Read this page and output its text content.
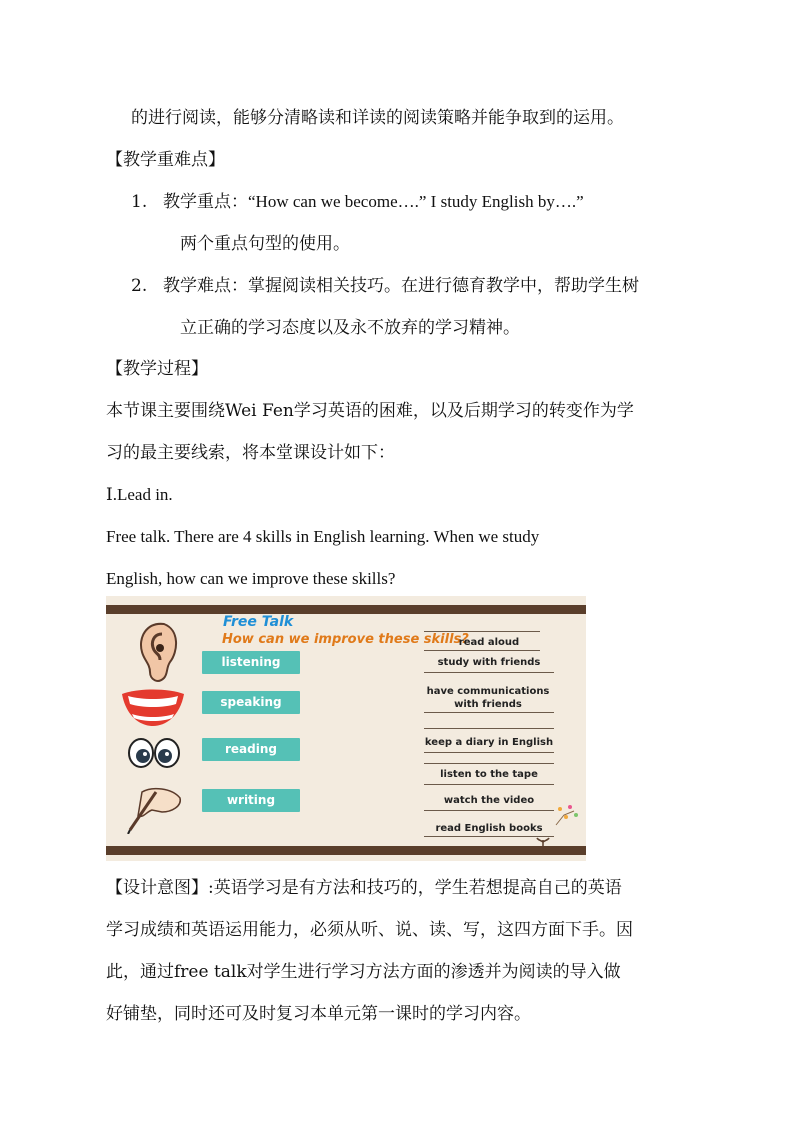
的进行阅读，能够分清略读和详读的阅读策略并能争取到的运用。
【教学重难点】
1. 教学重点：“How can we become….” I study English by….”
两个重点句型的使用。
2. 教学难点：掌握阅读相关技巧。在进行德育教学中，帮助学生树
立正确的学习态度以及永不放弃的学习精神。
【教学过程】
本节课主要围绕Wei Fen学习英语的困难，以及后期学习的转变作为学
习的最主要线索，将本堂课设计如下：
Ⅰ.Lead in.
Free talk. There are 4 skills in English learning. When we study
English, how can we improve these skills?
Free Talk
How can we improve these skills?
listening
speaking
reading
writing
read aloud
study with friends
have communications with friends
keep a diary in English
listen to the tape
watch the video
read English books
【设计意图】:英语学习是有方法和技巧的，学生若想提高自己的英语
学习成绩和英语运用能力，必须从听、说、读、写，这四方面下手。因
此，通过free talk对学生进行学习方法方面的渗透并为阅读的导入做
好铺垫，同时还可及时复习本单元第一课时的学习内容。
